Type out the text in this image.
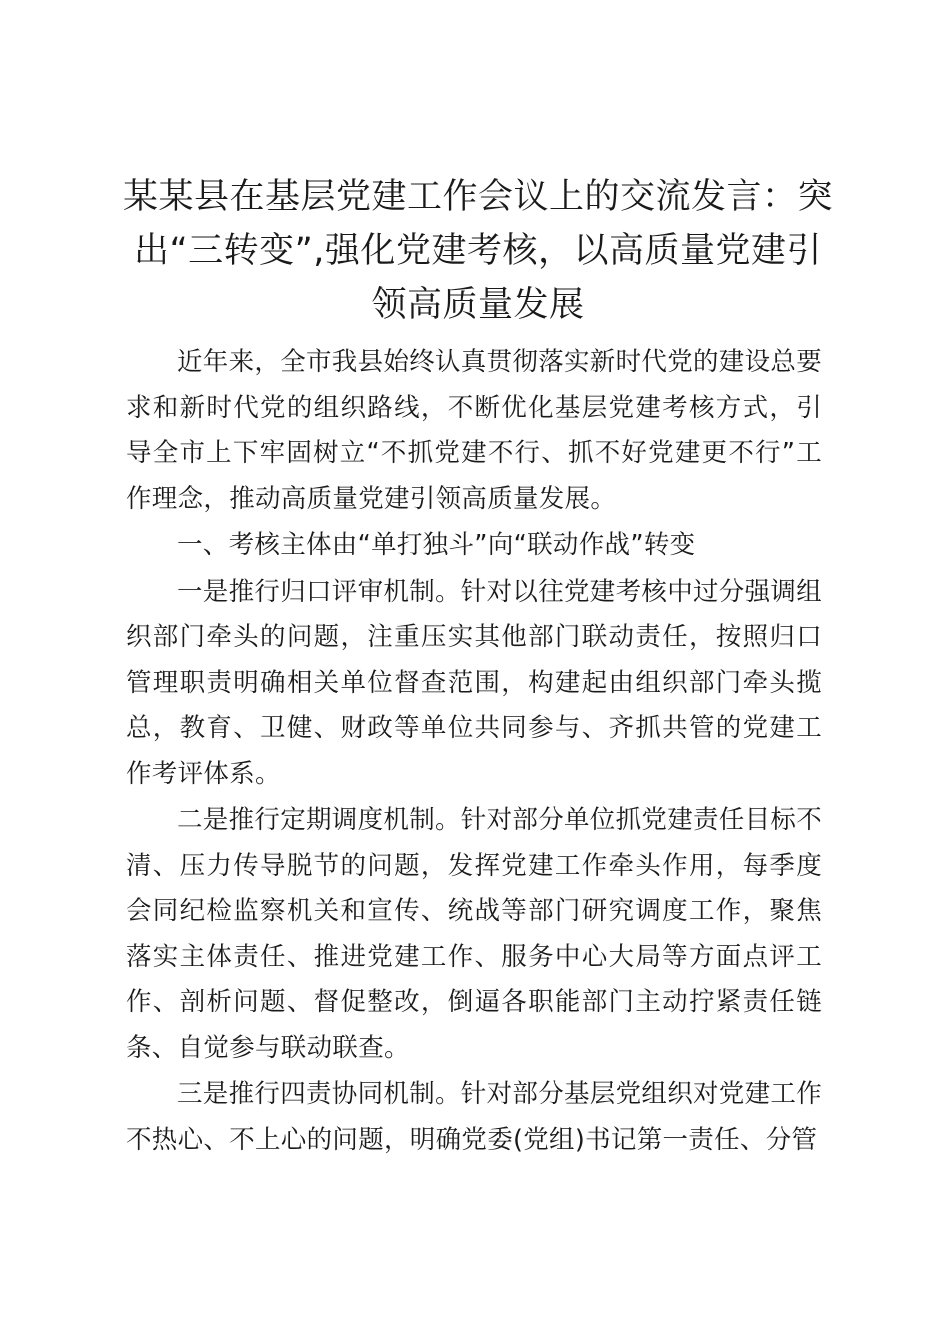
某某县在基层党建工作会议上的交流发言：突出“三转变”,强化党建考核，以高质量党建引领高质量发展

近年来，全市我县始终认真贯彻落实新时代党的建设总要求和新时代党的组织路线，不断优化基层党建考核方式，引导全市上下牢固树立“不抓党建不行、抓不好党建更不行”工作理念，推动高质量党建引领高质量发展。

一、考核主体由“单打独斗”向“联动作战”转变

一是推行归口评审机制。针对以往党建考核中过分强调组织部门牵头的问题，注重压实其他部门联动责任，按照归口管理职责明确相关单位督查范围，构建起由组织部门牵头揽总，教育、卫健、财政等单位共同参与、齐抓共管的党建工作考评体系。

二是推行定期调度机制。针对部分单位抓党建责任目标不清、压力传导脱节的问题，发挥党建工作牵头作用，每季度会同纪检监察机关和宣传、统战等部门研究调度工作，聚焦落实主体责任、推进党建工作、服务中心大局等方面点评工作、剖析问题、督促整改，倒逼各职能部门主动拧紧责任链条、自觉参与联动联查。

三是推行四责协同机制。针对部分基层党组织对党建工作不热心、不上心的问题，明确党委(党组)书记第一责任、分管
